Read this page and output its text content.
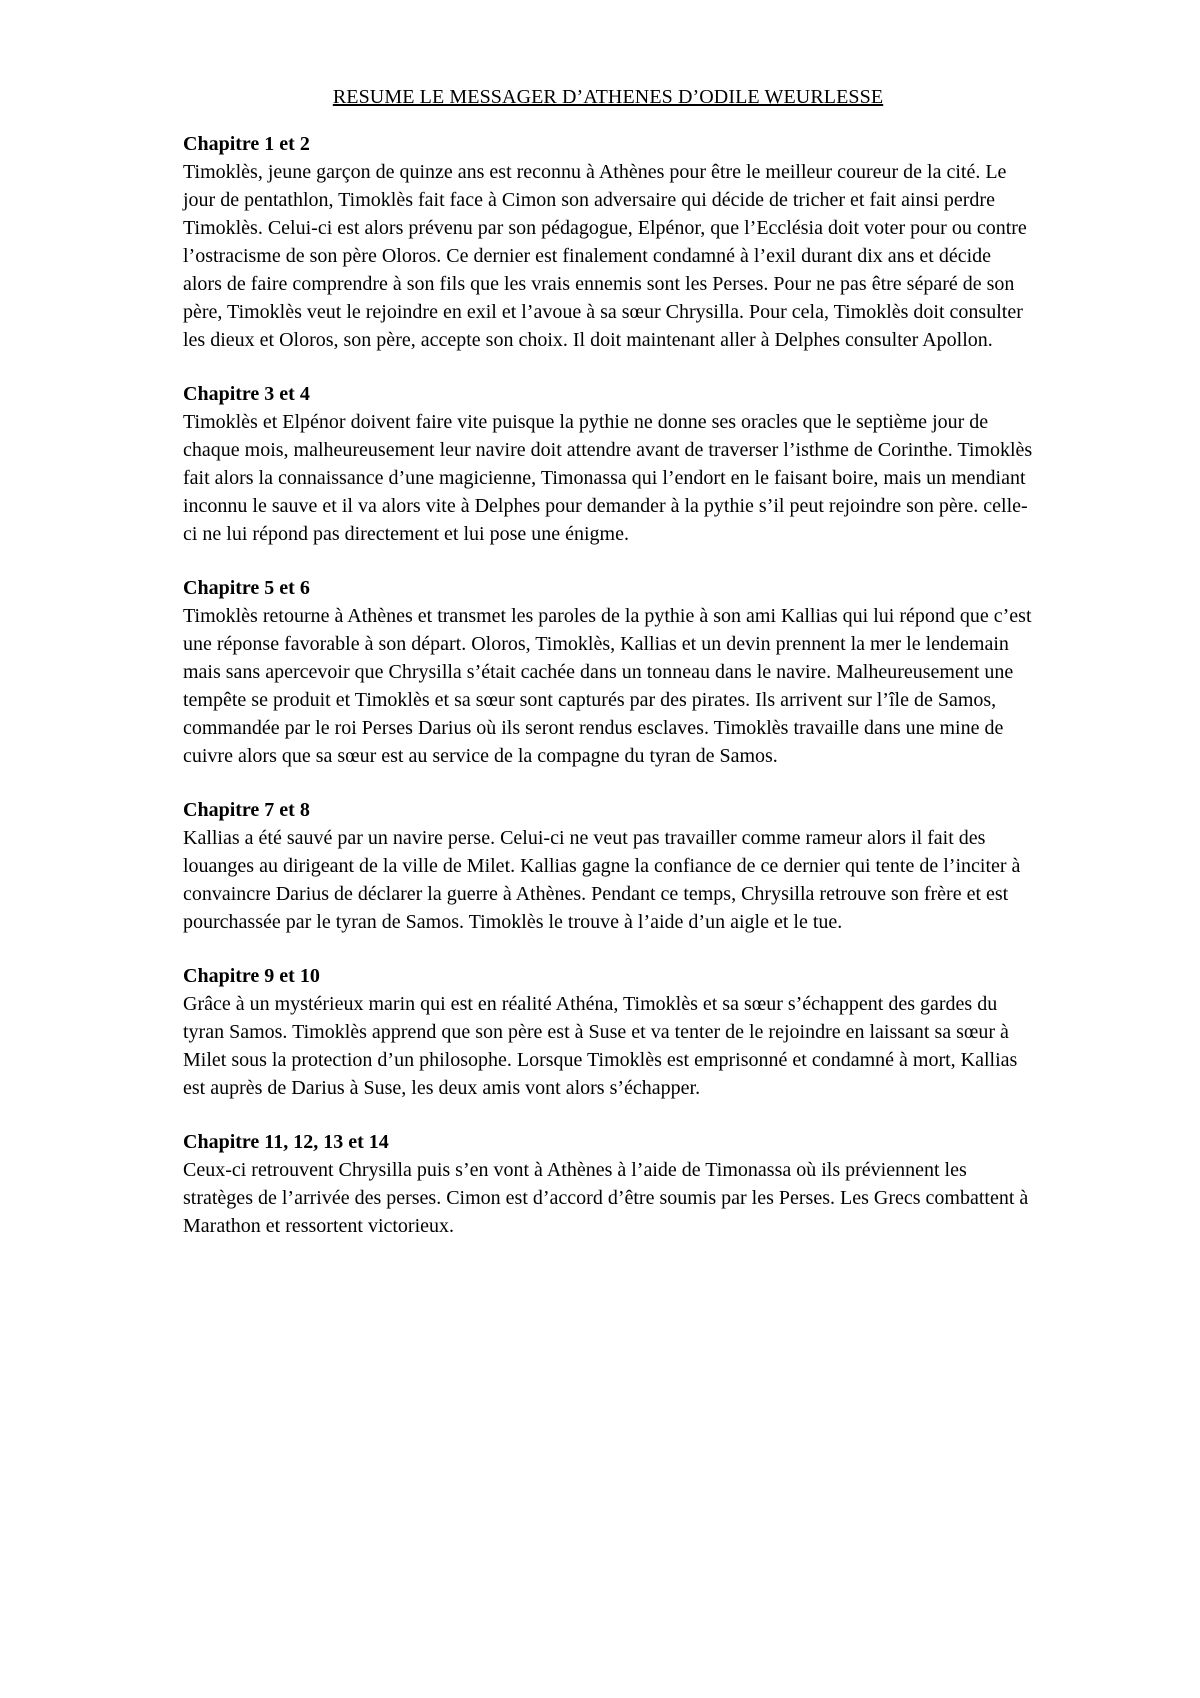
RESUME LE MESSAGER D’ATHENES D’ODILE WEURLESSE

Chapitre 1 et 2

Timoklès, jeune garçon de quinze ans est reconnu à Athènes pour être le meilleur coureur de la cité. Le jour de pentathlon, Timoklès fait face à Cimon son adversaire qui décide de tricher et fait ainsi perdre Timoklès. Celui-ci est alors prévenu par son pédagogue, Elpénor, que l’Ecclésia doit voter pour ou contre l’ostracisme de son père Oloros. Ce dernier est finalement condamné à l’exil durant dix ans et décide alors de faire comprendre à son fils que les vrais ennemis sont les Perses. Pour ne pas être séparé de son père, Timoklès veut le rejoindre en exil et l’avoue à sa sœur Chrysilla. Pour cela, Timoklès doit consulter les dieux et Oloros, son père, accepte son choix. Il doit maintenant aller à Delphes consulter Apollon.

Chapitre 3 et 4

Timoklès et Elpénor doivent faire vite puisque la pythie ne donne ses oracles que le septième jour de chaque mois, malheureusement leur navire doit attendre avant de traverser l’isthme de Corinthe. Timoklès fait alors la connaissance d’une magicienne, Timonassa qui l’endort en le faisant boire, mais un mendiant inconnu le sauve et il va alors vite à Delphes pour demander à la pythie s’il peut rejoindre son père. celle-ci ne lui répond pas directement et lui pose une énigme.

Chapitre 5 et 6

Timoklès retourne à Athènes et transmet les paroles de la pythie à son ami Kallias qui lui répond que c’est une réponse favorable à son départ. Oloros, Timoklès, Kallias et un devin prennent la mer le lendemain mais sans apercevoir que Chrysilla s’était cachée dans un tonneau dans le navire. Malheureusement une tempête se produit et Timoklès et sa sœur sont capturés par des pirates. Ils arrivent sur l’île de Samos, commandée par le roi Perses Darius où ils seront rendus esclaves. Timoklès travaille dans une mine de cuivre alors que sa sœur est au service de la compagne du tyran de Samos.

Chapitre 7 et 8

Kallias a été sauvé par un navire perse. Celui-ci ne veut pas travailler comme rameur alors il fait des louanges au dirigeant de la ville de Milet. Kallias gagne la confiance de ce dernier qui tente de l’inciter à convaincre Darius de déclarer la guerre à Athènes. Pendant ce temps, Chrysilla retrouve son frère et est pourchassée par le tyran de Samos. Timoklès le trouve à l’aide d’un aigle et le tue.

Chapitre 9 et 10

Grâce à un mystérieux marin qui est en réalité Athéna, Timoklès et sa sœur s’échappent des gardes du tyran Samos. Timoklès apprend que son père est à Suse et va tenter de le rejoindre en laissant sa sœur à Milet sous la protection d’un philosophe. Lorsque Timoklès est emprisonné et condamné à mort, Kallias est auprès de Darius à Suse, les deux amis vont alors s’échapper.

Chapitre 11, 12, 13 et 14

Ceux-ci retrouvent Chrysilla puis s’en vont à Athènes à l’aide de Timonassa où ils préviennent les stratèges de l’arrivée des perses. Cimon est d’accord d’être soumis par les Perses. Les Grecs combattent à Marathon et ressortent victorieux.
